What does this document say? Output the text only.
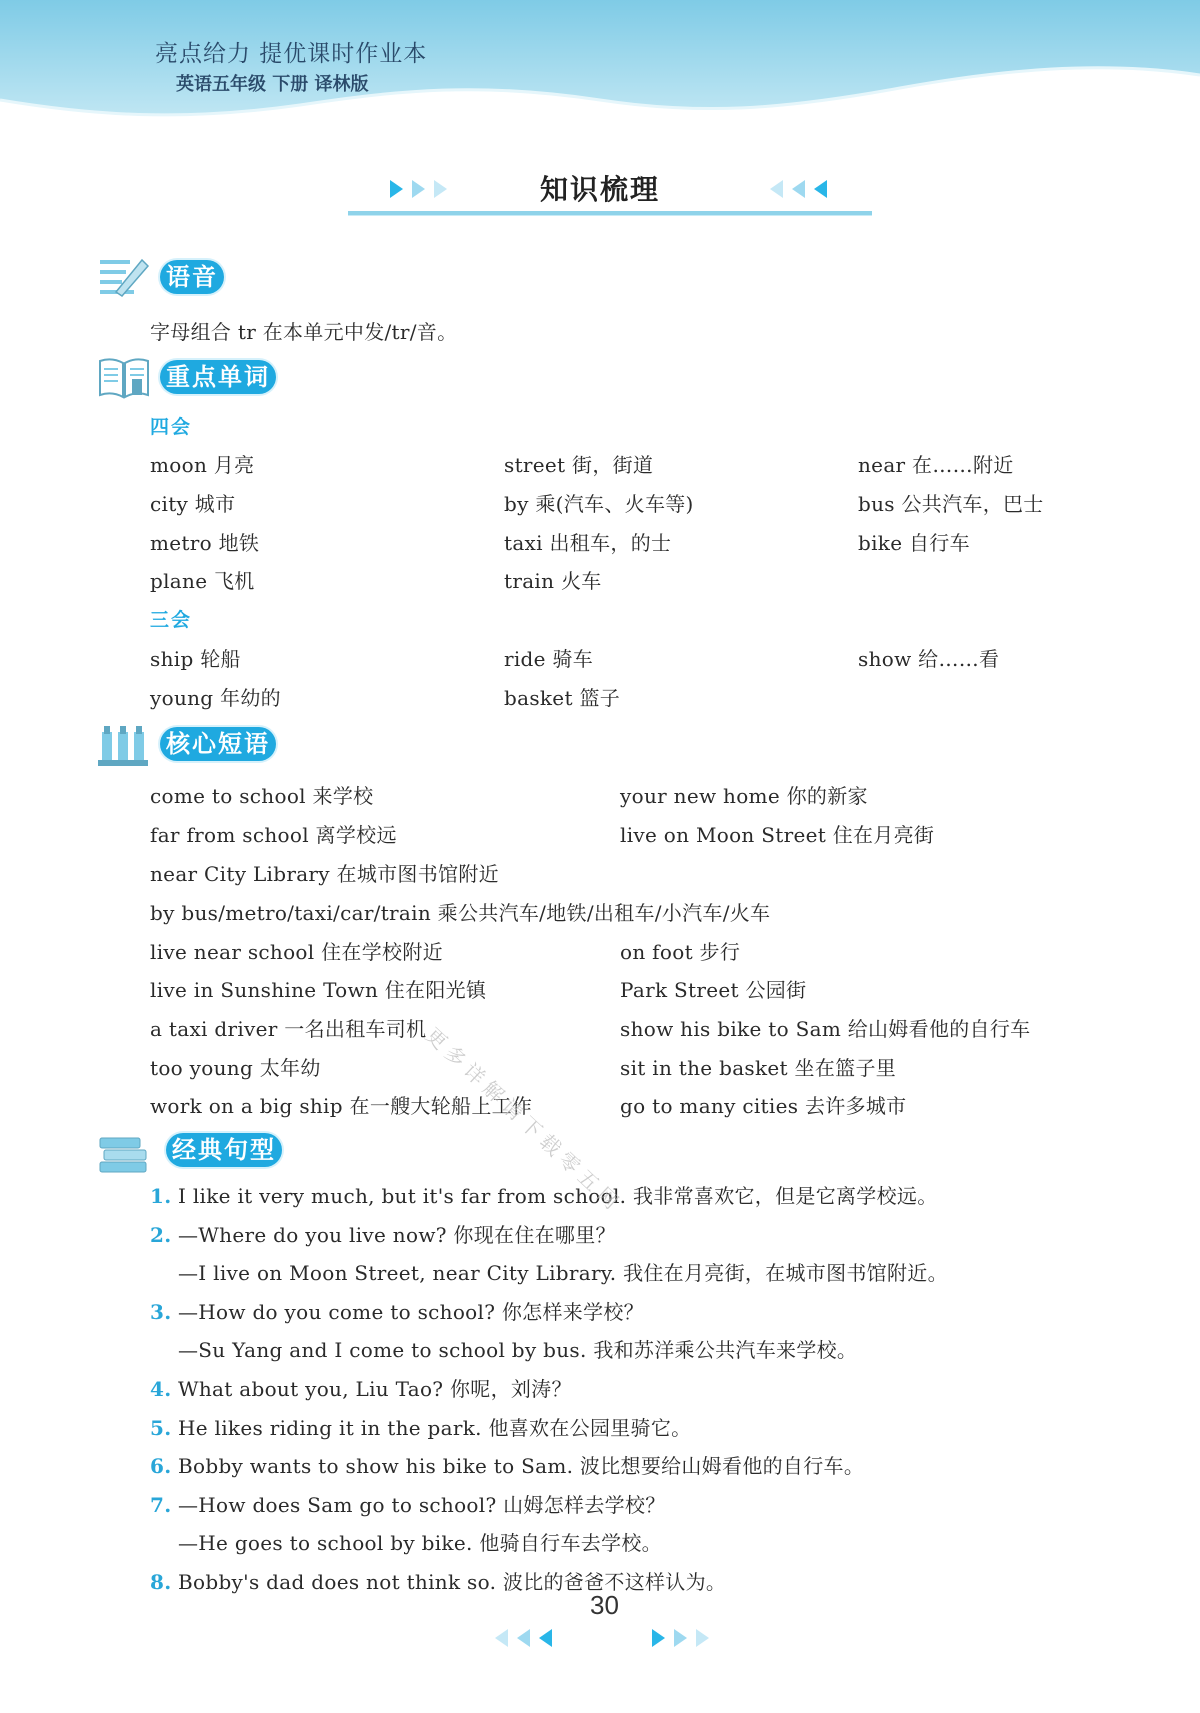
亮点给力 提优课时作业本
英语五年级 下册 译林版
知识梳理
语音
字母组合 tr 在本单元中发/tr/音。
重点单词
四会
moon 月亮	street 街，街道	near 在……附近
city 城市	by 乘(汽车、火车等)	bus 公共汽车，巴士
metro 地铁	taxi 出租车，的士	bike 自行车
plane 飞机	train 火车
三会
ship 轮船	ride 骑车	show 给……看
young 年幼的	basket 篮子
核心短语
come to school 来学校	your new home 你的新家
far from school 离学校远	live on Moon Street 住在月亮街
near City Library 在城市图书馆附近
by bus/metro/taxi/car/train 乘公共汽车/地铁/出租车/小汽车/火车
live near school 住在学校附近	on foot 步行
live in Sunshine Town 住在阳光镇	Park Street 公园街
a taxi driver 一名出租车司机	show his bike to Sam 给山姆看他的自行车
too young 太年幼	sit in the basket 坐在篮子里
work on a big ship 在一艘大轮船上工作	go to many cities 去许多城市
经典句型
1. I like it very much, but it's far from school. 我非常喜欢它，但是它离学校远。
2. —Where do you live now? 你现在住在哪里？
—I live on Moon Street, near City Library. 我住在月亮街，在城市图书馆附近。
3. —How do you come to school? 你怎样来学校？
—Su Yang and I come to school by bus. 我和苏洋乘公共汽车来学校。
4. What about you, Liu Tao? 你呢，刘涛？
5. He likes riding it in the park. 他喜欢在公园里骑它。
6. Bobby wants to show his bike to Sam. 波比想要给山姆看他的自行车。
7. —How does Sam go to school? 山姆怎样去学校？
—He goes to school by bike. 他骑自行车去学校。
8. Bobby's dad does not think so. 波比的爸爸不这样认为。
更多详解请下载零五网
30
